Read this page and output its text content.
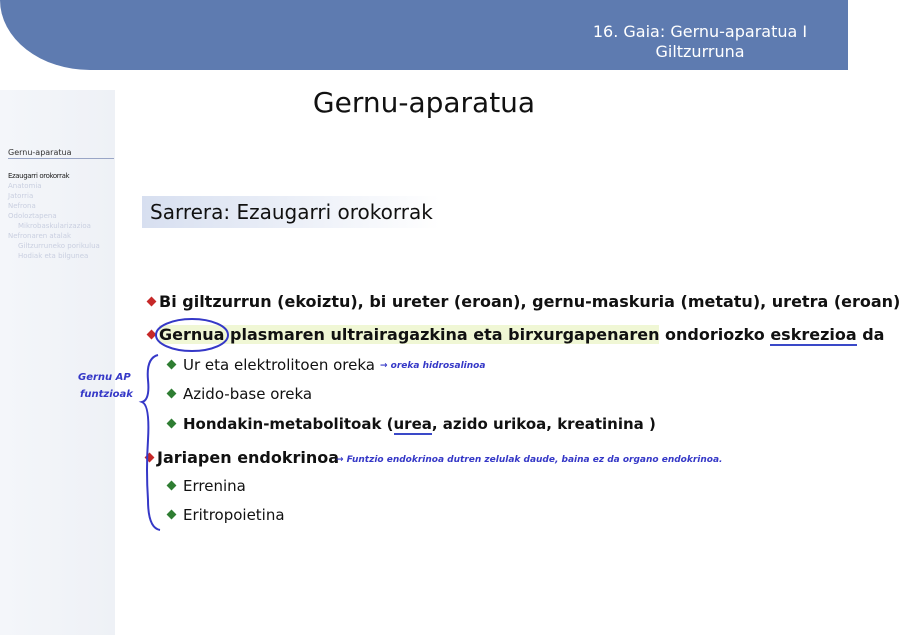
16. Gaia: Gernu-aparatua I
Giltzurruna
Gernu-aparatua
Ezaugarri orokorrak
Anatomia
Jatorria
Nefrona
Odoloztapena
Mikrobaskularizazioa
Nefronaren atalak
Giltzurruneko porikulua
Hodiak eta bilgunea
Gernu-aparatua
Sarrera: Ezaugarri orokorrak
Bi giltzurrun (ekoiztu), bi ureter (eroan), gernu-maskuria (metatu), uretra (eroan)
Gernua plasmaren ultrairagazkina eta birxurgapenaren ondoriozko eskrezioa da
Ur eta elektrolitoen oreka → oreka hidrosalinoa
Azido-base oreka
Hondakin-metabolitoak (urea, azido urikoa, kreatinina )
Jariapen endokrinoa
→ Funtzio endokrinoa dutren zelulak daude, baina ez da organo endokrinoa.
Errenina
Eritropoietina
Gernu AP
funtzioak
